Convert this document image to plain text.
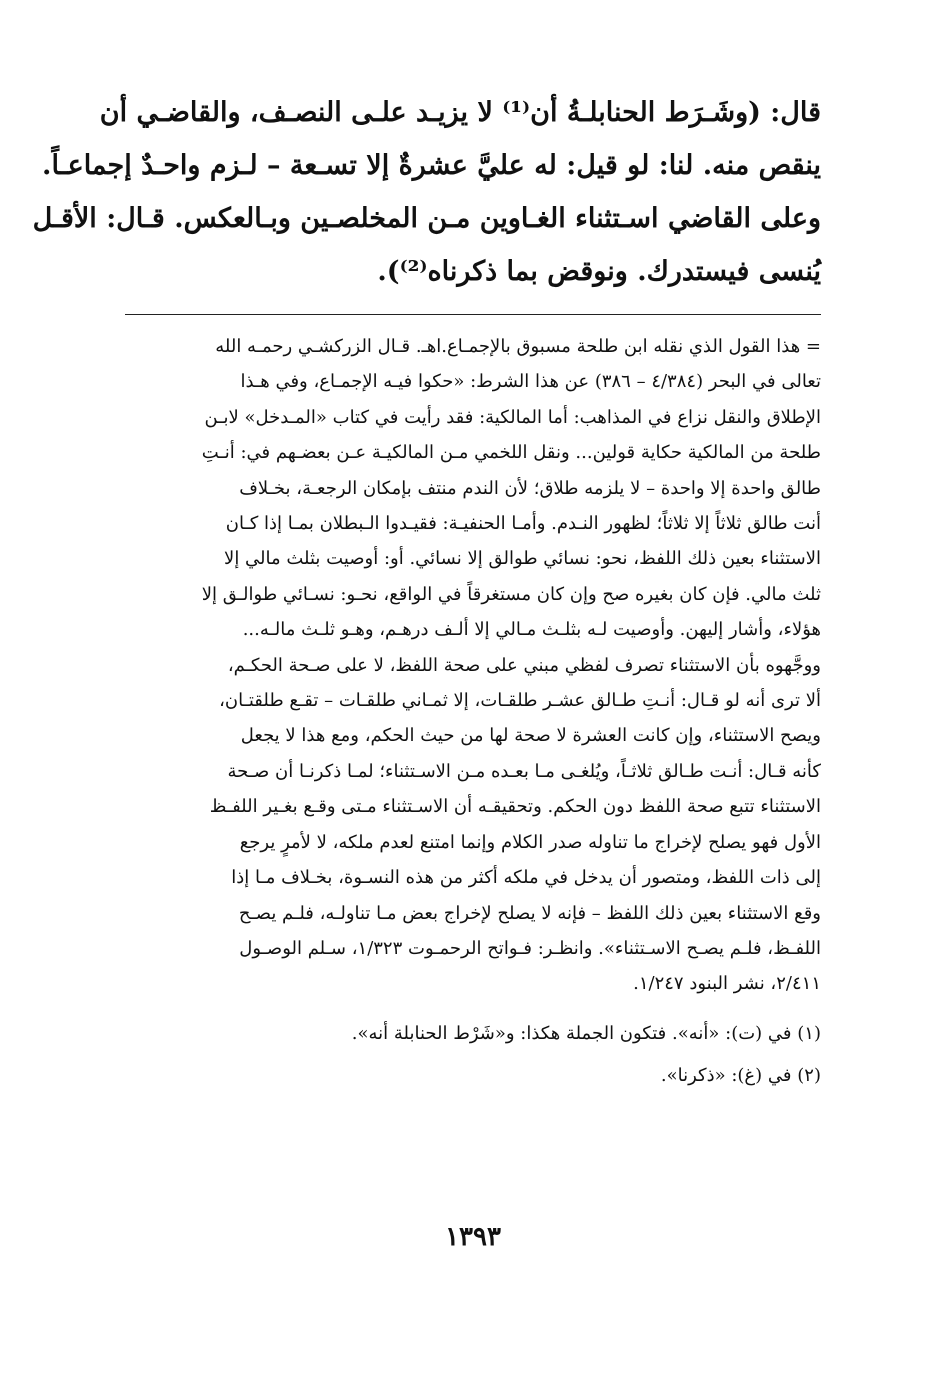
قال: (وشَـرَط الحنابلـةُ أن⁽¹⁾ لا يزيـد علـى النصـف، والقاضـي أن
ينقص منه. لنا: لو قيل: له عليَّ عشرةٌ إلا تسـعة – لـزم واحـدٌ إجماعـاً.
وعلى القاضي اسـتثناء الغـاوين مـن المخلصـين وبـالعكس. قـال: الأقـل
يُنسى فيستدرك. ونوقض بما ذكرناه⁽²⁾).

= هذا القول الذي نقله ابن طلحة مسبوق بالإجمـاع.اهـ. قـال الزركشـي رحمـه الله
تعالى في البحر (٤/٣٨٤ – ٣٨٦) عن هذا الشرط: «حكوا فيـه الإجمـاع، وفي هـذا
الإطلاق والنقل نزاع في المذاهب: أما المالكية: فقد رأيت في كتاب «المـدخل» لابـن
طلحة من المالكية حكاية قولين... ونقل اللخمي مـن المالكيـة عـن بعضـهم في: أنـتِ
طالق واحدة إلا واحدة – لا يلزمه طلاق؛ لأن الندم منتف بإمكان الرجعـة، بخـلاف
أنت طالق ثلاثاً إلا ثلاثاً؛ لظهور النـدم. وأمـا الحنفيـة: فقيـدوا الـبطلان بمـا إذا كـان
الاستثناء بعين ذلك اللفظ، نحو: نسائي طوالق إلا نسائي. أو: أوصيت بثلث مالي إلا
ثلث مالي. فإن كان بغيره صح وإن كان مستغرقاً في الواقع، نحـو: نسـائي طوالـق إلا
هؤلاء، وأشار إليهن. وأوصيت لـه بثلـث مـالي إلا ألـف درهـم، وهـو ثلـث مالـه...
ووجَّهوه بأن الاستثناء تصرف لفظي مبني على صحة اللفظ، لا على صـحة الحكـم،
ألا ترى أنه لو قـال: أنـتِ طـالق عشـر طلقـات، إلا ثمـاني طلقـات – تقـع طلقتـان،
ويصح الاستثناء، وإن كانت العشرة لا صحة لها من حيث الحكم، ومع هذا لا يجعل
كأنه قـال: أنـت طـالق ثلاثـاً، ويُلغـى مـا بعـده مـن الاسـتثناء؛ لمـا ذكرنـا أن صـحة
الاستثناء تتبع صحة اللفظ دون الحكم. وتحقيقـه أن الاسـتثناء مـتى وقـع بغـير اللفـظ
الأول فهو يصلح لإخراج ما تناوله صدر الكلام وإنما امتنع لعدم ملكه، لا لأمرٍ يرجع
إلى ذات اللفظ، ومتصور أن يدخل في ملكه أكثر من هذه النسـوة، بخـلاف مـا إذا
وقع الاستثناء بعين ذلك اللفظ – فإنه لا يصلح لإخراج بعض مـا تناولـه، فلـم يصـح
اللفـظ، فلـم يصـح الاسـتثناء». وانظـر: فـواتح الرحمـوت ١/٣٢٣، سـلم الوصـول
٢/٤١١، نشر البنود ١/٢٤٧.
(١) في (ت): «أنه». فتكون الجملة هكذا: و«شَرْط الحنابلة أنه».
(٢) في (غ): «ذكرنا».
١٣٩٣
